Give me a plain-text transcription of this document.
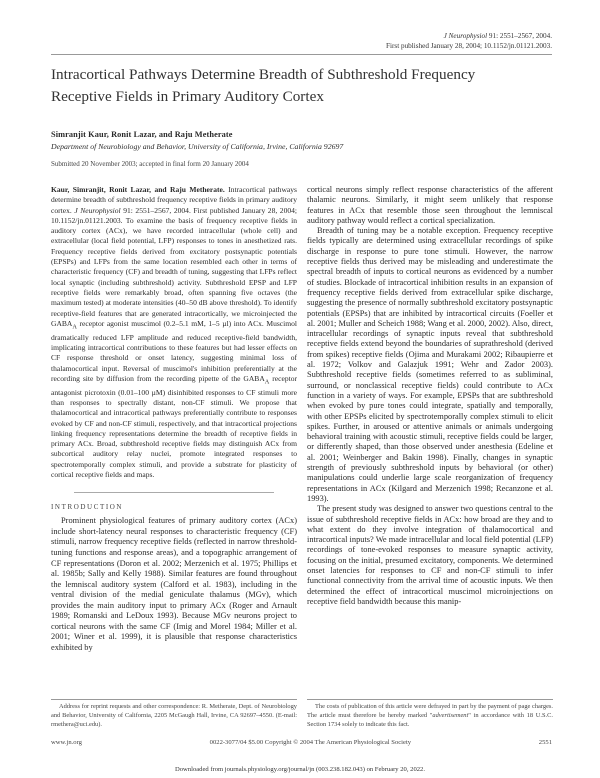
J Neurophysiol 91: 2551–2567, 2004.
First published January 28, 2004; 10.1152/jn.01121.2003.
Intracortical Pathways Determine Breadth of Subthreshold Frequency Receptive Fields in Primary Auditory Cortex
Simranjit Kaur, Ronit Lazar, and Raju Metherate
Department of Neurobiology and Behavior, University of California, Irvine, California 92697
Submitted 20 November 2003; accepted in final form 20 January 2004

Kaur, Simranjit, Ronit Lazar, and Raju Metherate. Intracortical pathways determine breadth of subthreshold frequency receptive fields in primary auditory cortex. J Neurophysiol 91: 2551–2567, 2004. First published January 28, 2004; 10.1152/jn.01121.2003. To examine the basis of frequency receptive fields in auditory cortex (ACx), we have recorded intracellular (whole cell) and extracellular (local field potential, LFP) responses to tones in anesthetized rats. Frequency receptive fields derived from excitatory postsynaptic potentials (EPSPs) and LFPs from the same location resembled each other in terms of characteristic frequency (CF) and breadth of tuning, suggesting that LFPs reflect local synaptic (including subthreshold) activity. Subthreshold EPSP and LFP receptive fields were remarkably broad, often spanning five octaves (the maximum tested) at moderate intensities (40–50 dB above threshold). To identify receptive-field features that are generated intracortically, we microinjected the $GABA_A$ receptor agonist muscimol (0.2–5.1 mM, 1–5 µl) into ACx. Muscimol dramatically reduced LFP amplitude and reduced receptive-field bandwidth, implicating intracortical contributions to these features but had lesser effects on CF response threshold or onset latency, suggesting minimal loss of thalamocortical input. Reversal of muscimol's inhibition preferentially at the recording site by diffusion from the recording pipette of the $GABA_A$ receptor antagonist picrotoxin (0.01–100 µM) disinhibited responses to CF stimuli more than responses to spectrally distant, non-CF stimuli. We propose that thalamocortical and intracortical pathways preferentially contribute to responses evoked by CF and non-CF stimuli, respectively, and that intracortical projections linking frequency representations determine the breadth of receptive fields in primary ACx. Broad, subthreshold receptive fields may distinguish ACx from subcortical auditory relay nuclei, promote integrated responses to spectrotemporally complex stimuli, and provide a substrate for plasticity of cortical receptive fields and maps.

INTRODUCTION

Prominent physiological features of primary auditory cortex (ACx) include short-latency neural responses to characteristic frequency (CF) stimuli, narrow frequency receptive fields (reflected in narrow threshold-tuning functions and response areas), and a topographic arrangement of CF representations (Doron et al. 2002; Merzenich et al. 1975; Phillips et al. 1985b; Sally and Kelly 1988). Similar features are found throughout the lemniscal auditory system (Calford et al. 1983), including in the ventral division of the medial geniculate thalamus (MGv), which provides the main auditory input to primary ACx (Roger and Arnault 1989; Romanski and LeDoux 1993). Because MGv neurons project to cortical neurons with the same CF (Imig and Morel 1984; Miller et al. 2001; Winer et al. 1999), it is plausible that response characteristics exhibited by

Address for reprint requests and other correspondence: R. Metherate, Dept. of Neurobiology and Behavior, University of California, 2205 McGaugh Hall, Irvine, CA 92697–4550. (E-mail: rmethera@uci.edu).

cortical neurons simply reflect response characteristics of the afferent thalamic neurons. Similarly, it might seem unlikely that response features in ACx that resemble those seen throughout the lemniscal auditory pathway would reflect a cortical specialization.

Breadth of tuning may be a notable exception. Frequency receptive fields typically are determined using extracellular recordings of spike discharge in response to pure tone stimuli. However, the narrow receptive fields thus derived may be misleading and underestimate the spectral breadth of inputs to cortical neurons as evidenced by a number of studies. Blockade of intracortical inhibition results in an expansion of frequency receptive fields derived from extracellular spike discharge, suggesting the presence of normally subthreshold excitatory postsynaptic potentials (EPSPs) that are inhibited by intracortical circuits (Foeller et al. 2001; Muller and Scheich 1988; Wang et al. 2000, 2002). Also, direct, intracellular recordings of synaptic inputs reveal that subthreshold receptive fields extend beyond the boundaries of suprathreshold (derived from spikes) receptive fields (Ojima and Murakami 2002; Ribaupierre et al. 1972; Volkov and Galazjuk 1991; Wehr and Zador 2003). Subthreshold receptive fields (sometimes referred to as subliminal, surround, or nonclassical receptive fields) could contribute to ACx function in a variety of ways. For example, EPSPs that are subthreshold when evoked by pure tones could integrate, spatially and temporally, with other EPSPs elicited by spectrotemporally complex stimuli to elicit spikes. Further, in aroused or attentive animals or animals undergoing behavioral training with acoustic stimuli, receptive fields could be larger, or differently shaped, than those observed under anesthesia (Edeline et al. 2001; Weinberger and Bakin 1998). Finally, changes in synaptic strength of previously subthreshold inputs by behavioral (or other) manipulations could underlie large scale reorganization of frequency representations in ACx (Kilgard and Merzenich 1998; Recanzone et al. 1993).

The present study was designed to answer two questions central to the issue of subthreshold receptive fields in ACx: how broad are they and to what extent do they involve integration of thalamocortical and intracortical inputs? We made intracellular and local field potential (LFP) recordings of tone-evoked responses to measure synaptic activity, focusing on the initial, presumed excitatory, components. We determined onset latencies for responses to CF and non-CF stimuli to infer functional connectivity from the arrival time of acoustic inputs. We then determined the effect of intracortical muscimol microinjections on receptive field bandwidth because this manip-

The costs of publication of this article were defrayed in part by the payment of page charges. The article must therefore be hereby marked "advertisement" in accordance with 18 U.S.C. Section 1734 solely to indicate this fact.

www.jn.org	0022-3077/04 $5.00 Copyright © 2004 The American Physiological Society	2551
Downloaded from journals.physiology.org/journal/jn (003.238.182.043) on February 20, 2022.
